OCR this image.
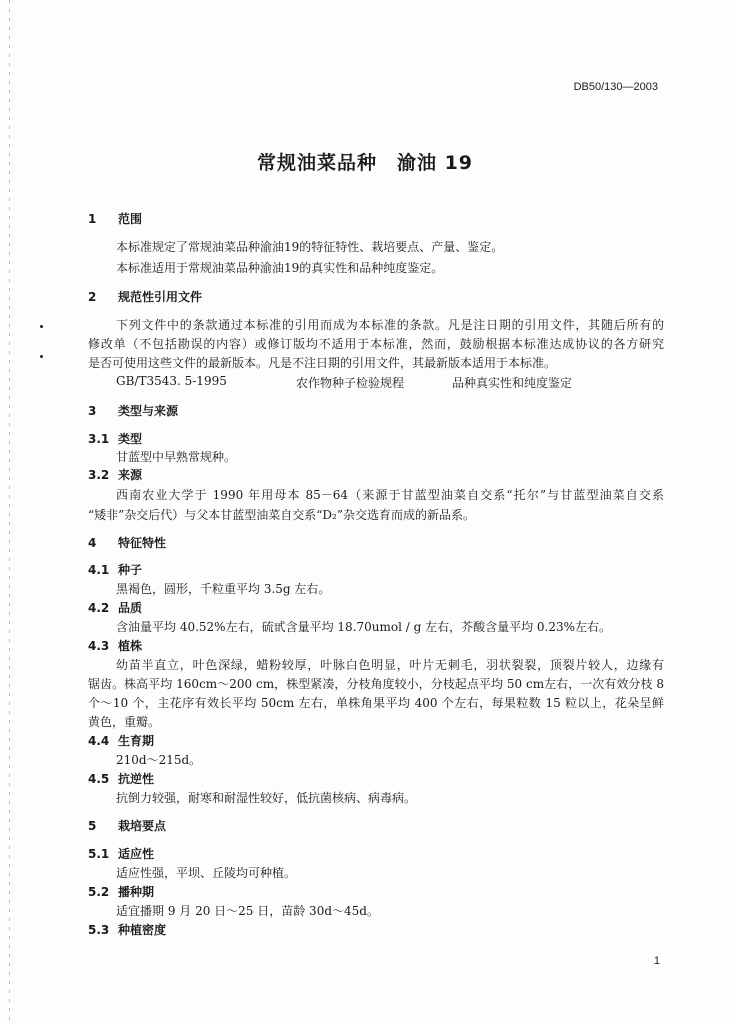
DB50/130—2003
常规油菜品种　渝油 19
1 范围
本标准规定了常规油菜品种渝油19的特征特性、栽培要点、产量、鉴定。
本标准适用于常规油菜品种渝油19的真实性和品种纯度鉴定。
2 规范性引用文件
下列文件中的条款通过本标准的引用而成为本标准的条款。凡是注日期的引用文件，其随后所有的
修改单（不包括勘误的内容）或修订版均不适用于本标准，然而，鼓励根据本标准达成协议的各方研究
是否可使用这些文件的最新版本。凡是不注日期的引用文件，其最新版本适用于本标准。
GB/T3543. 5-1995	农作物种子检验规程	品种真实性和纯度鉴定
3 类型与来源
3.1 类型
甘蓝型中早熟常规种。
3.2 来源
西南农业大学于 1990 年用母本 85－64（来源于甘蓝型油菜自交系“托尔”与甘蓝型油菜自交系
“矮非”杂交后代）与父本甘蓝型油菜自交系“D₂”杂交选育而成的新品系。
4 特征特性
4.1 种子
黑褐色，圆形，千粒重平均 3.5g 左右。
4.2 品质
含油量平均 40.52%左右，硫甙含量平均 18.70umol / g 左右，芥酸含量平均 0.23%左右。
4.3 植株
幼苗半直立，叶色深绿，蜡粉较厚，叶脉白色明显，叶片无刺毛，羽状裂裂，顶裂片较人，边缘有
锯齿。株高平均 160cm～200 cm，株型紧凑，分枝角度较小，分枝起点平均 50 cm左右，一次有效分枝 8
个～10 个，主花序有效长平均 50cm 左右，单株角果平均 400 个左右，每果粒数 15 粒以上，花朵呈鲜
黄色，重瓣。
4.4 生育期
210d～215d。
4.5 抗逆性
抗倒力较强，耐寒和耐湿性较好，低抗菌核病、病毒病。
5 栽培要点
5.1 适应性
适应性强，平坝、丘陵均可种植。
5.2 播种期
适宜播期 9 月 20 日～25 日，苗龄 30d～45d。
5.3 种植密度
1
